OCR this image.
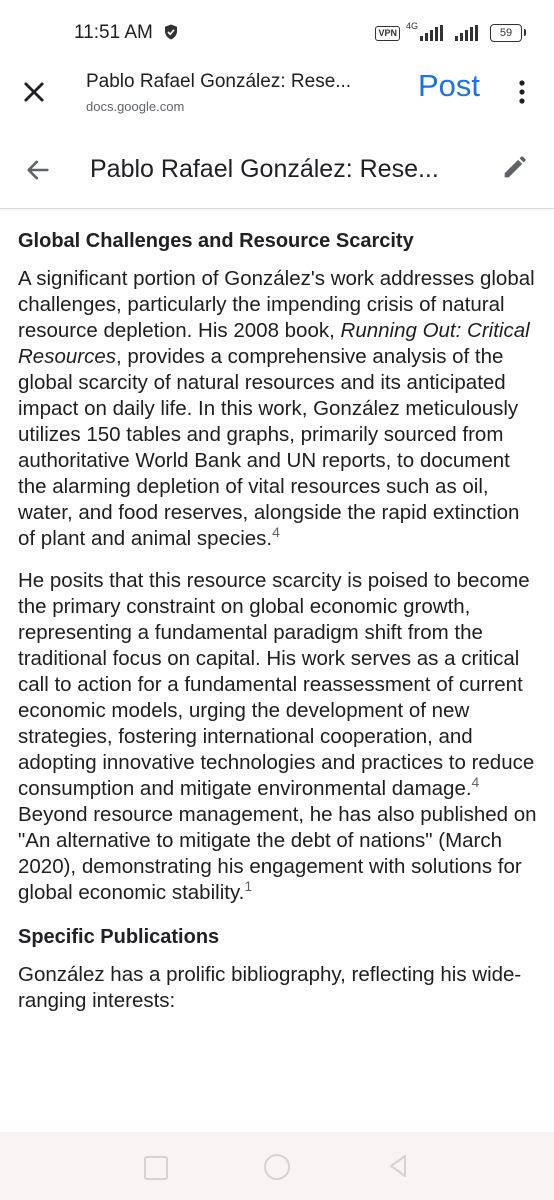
11:51 AM	VPN
4G
59
Pablo Rafael González: Rese...
docs.google.com
Post
Pablo Rafael González: Rese...
Global Challenges and Resource Scarcity

A significant portion of González's work addresses global challenges, particularly the impending crisis of natural resource depletion. His 2008 book, Running Out: Critical Resources, provides a comprehensive analysis of the global scarcity of natural resources and its anticipated impact on daily life. In this work, González meticulously utilizes 150 tables and graphs, primarily sourced from authoritative World Bank and UN reports, to document the alarming depletion of vital resources such as oil, water, and food reserves, alongside the rapid extinction of plant and animal species.$^4$

He posits that this resource scarcity is poised to become the primary constraint on global economic growth, representing a fundamental paradigm shift from the traditional focus on capital. His work serves as a critical call to action for a fundamental reassessment of current economic models, urging the development of new strategies, fostering international cooperation, and adopting innovative technologies and practices to reduce consumption and mitigate environmental damage.$^4$ Beyond resource management, he has also published on "An alternative to mitigate the debt of nations" (March 2020), demonstrating his engagement with solutions for global economic stability.$^1$

Specific Publications

González has a prolific bibliography, reflecting his wide-ranging interests:
